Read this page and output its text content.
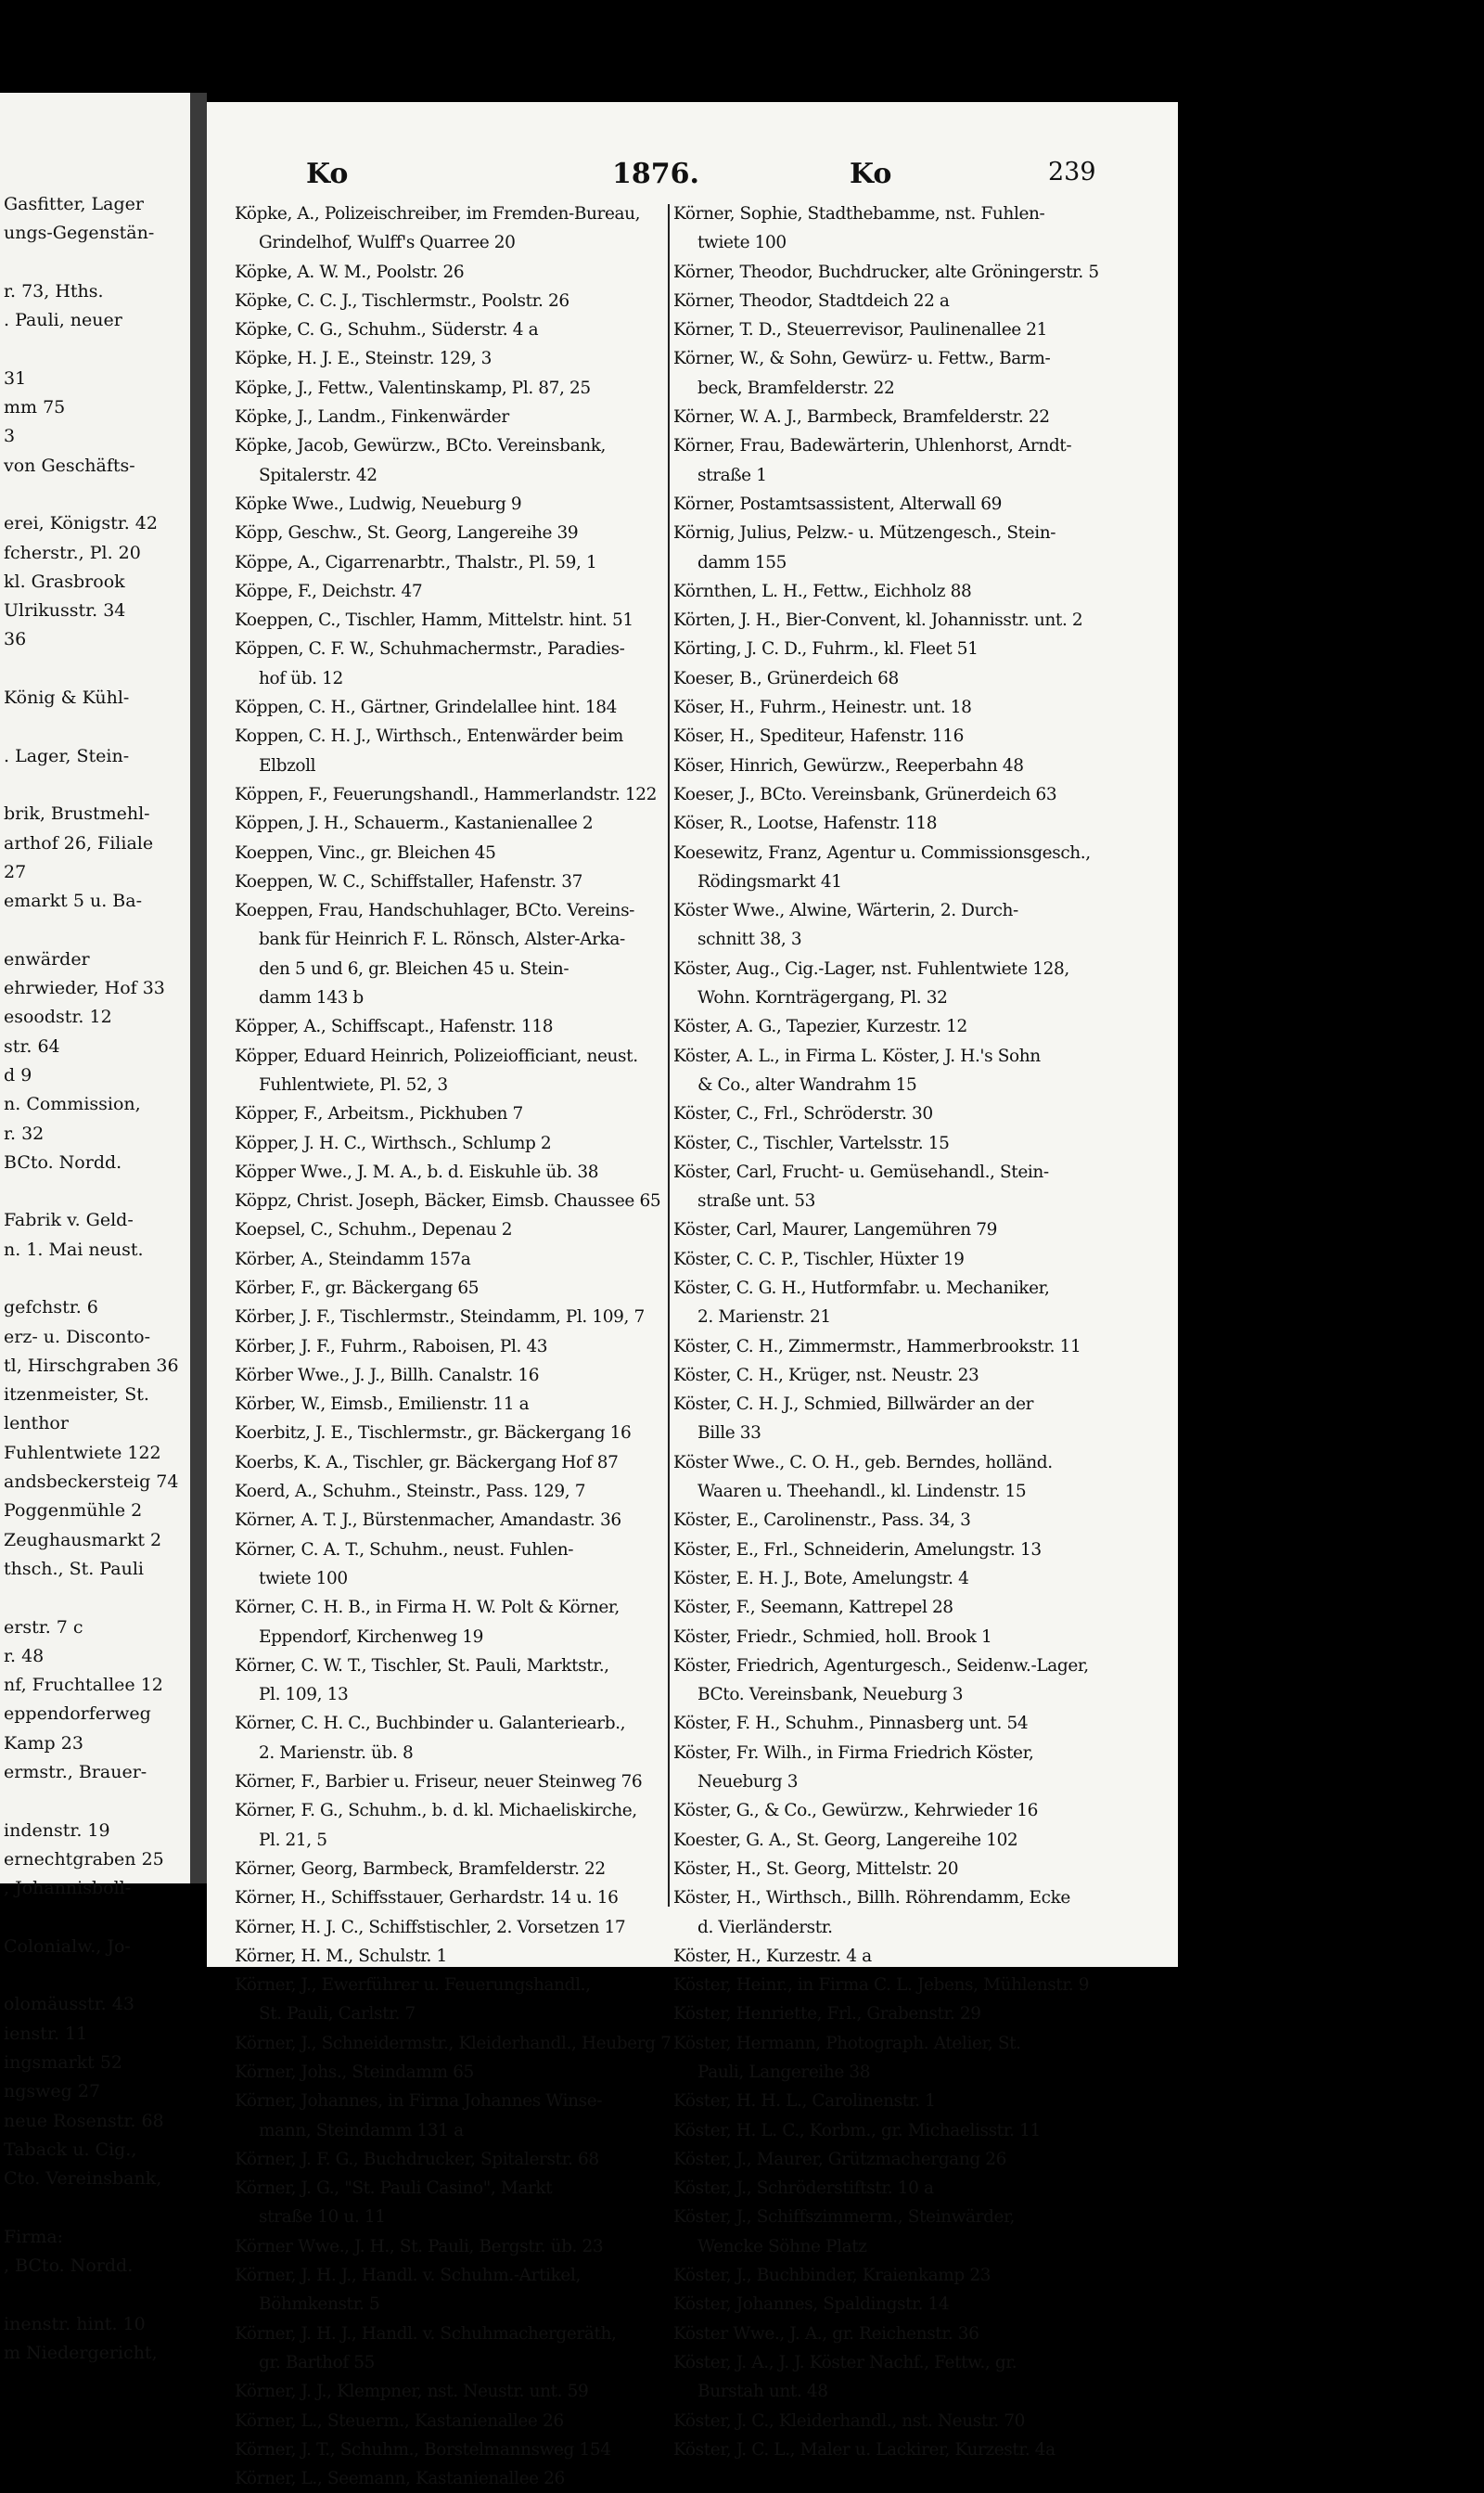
Gasfitter, Lager
ungs-Gegenstän-

r. 73, Hths.
. Pauli, neuer

31
mm 75
3
von Geschäfts-

erei, Königstr. 42
fcherstr., Pl. 20
kl. Grasbrook
Ulrikusstr. 34
36

König & Kühl-

. Lager, Stein-

brik, Brustmehl-
arthof 26, Filiale
27
emarkt 5 u. Ba-

enwärder
ehrwieder, Hof 33
esoodstr. 12
str. 64
d 9
n. Commission,
r. 32
BCto. Nordd.

Fabrik v. Geld-
n. 1. Mai neust.

gefchstr. 6
erz- u. Disconto-
tl, Hirschgraben 36
itzenmeister, St.
lenthor
Fuhlentwiete 122
andsbeckersteig 74
Poggenmühle 2
Zeughausmarkt 2
thsch., St. Pauli

erstr. 7 c
r. 48
nf, Fruchtallee 12
eppendorferweg
Kamp 23
ermstr., Brauer-

indenstr. 19
ernechtgraben 25
, Johannisboll-

Colonialw., Jo-

olomäusstr. 43
ienstr. 11
ingsmarkt 52
ngsweg 27
neue Rosenstr. 68
Taback u. Cig.,
Cto. Vereinsbank,

Firma:
, BCto. Nordd.

inenstr. hint. 10
m Niedergericht,
Ko	1876.	Ko	239
Köpke, A., Polizeischreiber, im Fremden-Bureau,
Grindelhof, Wulff's Quarree 20
Köpke, A. W. M., Poolstr. 26
Köpke, C. C. J., Tischlermstr., Poolstr. 26
Köpke, C. G., Schuhm., Süderstr. 4 a
Köpke, H. J. E., Steinstr. 129, 3
Köpke, J., Fettw., Valentinskamp, Pl. 87, 25
Köpke, J., Landm., Finkenwärder
Köpke, Jacob, Gewürzw., BCto. Vereinsbank,
Spitalerstr. 42
Köpke Wwe., Ludwig, Neueburg 9
Köpp, Geschw., St. Georg, Langereihe 39
Köppe, A., Cigarrenarbtr., Thalstr., Pl. 59, 1
Köppe, F., Deichstr. 47
Koeppen, C., Tischler, Hamm, Mittelstr. hint. 51
Köppen, C. F. W., Schuhmachermstr., Paradies-
hof üb. 12
Köppen, C. H., Gärtner, Grindelallee hint. 184
Koppen, C. H. J., Wirthsch., Entenwärder beim
Elbzoll
Köppen, F., Feuerungshandl., Hammerlandstr. 122
Köppen, J. H., Schauerm., Kastanienallee 2
Koeppen, Vinc., gr. Bleichen 45
Koeppen, W. C., Schiffstaller, Hafenstr. 37
Koeppen, Frau, Handschuhlager, BCto. Vereins-
bank für Heinrich F. L. Rönsch, Alster-Arka-
den 5 und 6, gr. Bleichen 45 u. Stein-
damm 143 b
Köpper, A., Schiffscapt., Hafenstr. 118
Köpper, Eduard Heinrich, Polizeiofficiant, neust.
Fuhlentwiete, Pl. 52, 3
Köpper, F., Arbeitsm., Pickhuben 7
Köpper, J. H. C., Wirthsch., Schlump 2
Köpper Wwe., J. M. A., b. d. Eiskuhle üb. 38
Köppz, Christ. Joseph, Bäcker, Eimsb. Chaussee 65
Koepsel, C., Schuhm., Depenau 2
Körber, A., Steindamm 157a
Körber, F., gr. Bäckergang 65
Körber, J. F., Tischlermstr., Steindamm, Pl. 109, 7
Körber, J. F., Fuhrm., Raboisen, Pl. 43
Körber Wwe., J. J., Billh. Canalstr. 16
Körber, W., Eimsb., Emilienstr. 11 a
Koerbitz, J. E., Tischlermstr., gr. Bäckergang 16
Koerbs, K. A., Tischler, gr. Bäckergang Hof 87
Koerd, A., Schuhm., Steinstr., Pass. 129, 7
Körner, A. T. J., Bürstenmacher, Amandastr. 36
Körner, C. A. T., Schuhm., neust. Fuhlen-
twiete 100
Körner, C. H. B., in Firma H. W. Polt & Körner,
Eppendorf, Kirchenweg 19
Körner, C. W. T., Tischler, St. Pauli, Marktstr.,
Pl. 109, 13
Körner, C. H. C., Buchbinder u. Galanteriearb.,
2. Marienstr. üb. 8
Körner, F., Barbier u. Friseur, neuer Steinweg 76
Körner, F. G., Schuhm., b. d. kl. Michaeliskirche,
Pl. 21, 5
Körner, Georg, Barmbeck, Bramfelderstr. 22
Körner, H., Schiffsstauer, Gerhardstr. 14 u. 16
Körner, H. J. C., Schiffstischler, 2. Vorsetzen 17
Körner, H. M., Schulstr. 1
Körner, J., Ewerführer u. Feuerungshandl.,
St. Pauli, Carlstr. 7
Körner, J., Schneidermstr., Kleiderhandl., Heuberg 7
Körner, Johs., Steindamm 65
Körner, Johannes, in Firma Johannes Winse-
mann, Steindamm 131 a
Körner, J. F. G., Buchdrucker, Spitalerstr. 68
Körner, J. G., "St. Pauli Casino", Markt
straße 10 u. 11
Körner Wwe., J. H., St. Pauli, Bergstr. üb. 23
Körner, J. H. J., Handl. v. Schuhm.-Artikel,
Böhmkenstr. 5
Körner, J. H. J., Handl. v. Schuhmachergeräth,
gr. Barthof 55
Körner, J. J., Klempner, nst. Neustr. unt. 59
Körner, L., Steuerm., Kastanienallee 26
Körner, J. T., Schuhm., Borstelmannsweg 154
Körner, L., Seemann, Kastanienallee 26
Körner, Sophie, Stadthebamme, nst. Fuhlen-
twiete 100
Körner, Theodor, Buchdrucker, alte Gröningerstr. 5
Körner, Theodor, Stadtdeich 22 a
Körner, T. D., Steuerrevisor, Paulinenallee 21
Körner, W., & Sohn, Gewürz- u. Fettw., Barm-
beck, Bramfelderstr. 22
Körner, W. A. J., Barmbeck, Bramfelderstr. 22
Körner, Frau, Badewärterin, Uhlenhorst, Arndt-
straße 1
Körner, Postamtsassistent, Alterwall 69
Körnig, Julius, Pelzw.- u. Mützengesch., Stein-
damm 155
Körnthen, L. H., Fettw., Eichholz 88
Körten, J. H., Bier-Convent, kl. Johannisstr. unt. 2
Körting, J. C. D., Fuhrm., kl. Fleet 51
Koeser, B., Grünerdeich 68
Köser, H., Fuhrm., Heinestr. unt. 18
Köser, H., Spediteur, Hafenstr. 116
Köser, Hinrich, Gewürzw., Reeperbahn 48
Koeser, J., BCto. Vereinsbank, Grünerdeich 63
Köser, R., Lootse, Hafenstr. 118
Koesewitz, Franz, Agentur u. Commissionsgesch.,
Rödingsmarkt 41
Köster Wwe., Alwine, Wärterin, 2. Durch-
schnitt 38, 3
Köster, Aug., Cig.-Lager, nst. Fuhlentwiete 128,
Wohn. Kornträgergang, Pl. 32
Köster, A. G., Tapezier, Kurzestr. 12
Köster, A. L., in Firma L. Köster, J. H.'s Sohn
& Co., alter Wandrahm 15
Köster, C., Frl., Schröderstr. 30
Köster, C., Tischler, Vartelsstr. 15
Köster, Carl, Frucht- u. Gemüsehandl., Stein-
straße unt. 53
Köster, Carl, Maurer, Langemühren 79
Köster, C. C. P., Tischler, Hüxter 19
Köster, C. G. H., Hutformfabr. u. Mechaniker,
2. Marienstr. 21
Köster, C. H., Zimmermstr., Hammerbrookstr. 11
Köster, C. H., Krüger, nst. Neustr. 23
Köster, C. H. J., Schmied, Billwärder an der
Bille 33
Köster Wwe., C. O. H., geb. Berndes, holländ.
Waaren u. Theehandl., kl. Lindenstr. 15
Köster, E., Carolinenstr., Pass. 34, 3
Köster, E., Frl., Schneiderin, Amelungstr. 13
Köster, E. H. J., Bote, Amelungstr. 4
Köster, F., Seemann, Kattrepel 28
Köster, Friedr., Schmied, holl. Brook 1
Köster, Friedrich, Agenturgesch., Seidenw.-Lager,
BCto. Vereinsbank, Neueburg 3
Köster, F. H., Schuhm., Pinnasberg unt. 54
Köster, Fr. Wilh., in Firma Friedrich Köster,
Neueburg 3
Köster, G., & Co., Gewürzw., Kehrwieder 16
Koester, G. A., St. Georg, Langereihe 102
Köster, H., St. Georg, Mittelstr. 20
Köster, H., Wirthsch., Billh. Röhrendamm, Ecke
d. Vierländerstr.
Köster, H., Kurzestr. 4 a
Köster, Heinr., in Firma C. L. Jebens, Mühlenstr. 9
Köster, Henriette, Frl., Grabenstr. 29
Köster, Hermann, Photograph. Atelier, St.
Pauli, Langereihe 38
Köster, H. H. L., Carolinenstr. 1
Köster, H. L. C., Korbm., gr. Michaelisstr. 11
Köster, J., Maurer, Grützmachergang 26
Köster, J., Schröderstiftstr. 10 a
Köster, J., Schiffszimmerm., Steinwärder,
Wencke Söhne Platz
Köster, J., Buchbinder, Kraienkamp 23
Köster, Johannes, Spaldingstr. 14
Köster Wwe., J. A., gr. Reichenstr. 36
Köster, J. A., J. J. Köster Nachf., Fettw., gr.
Burstah unt. 48
Köster, J. C., Kleiderhandl., nst. Neustr. 70
Köster, J. C. L., Maler u. Lackirer, Kurzestr. 4a
